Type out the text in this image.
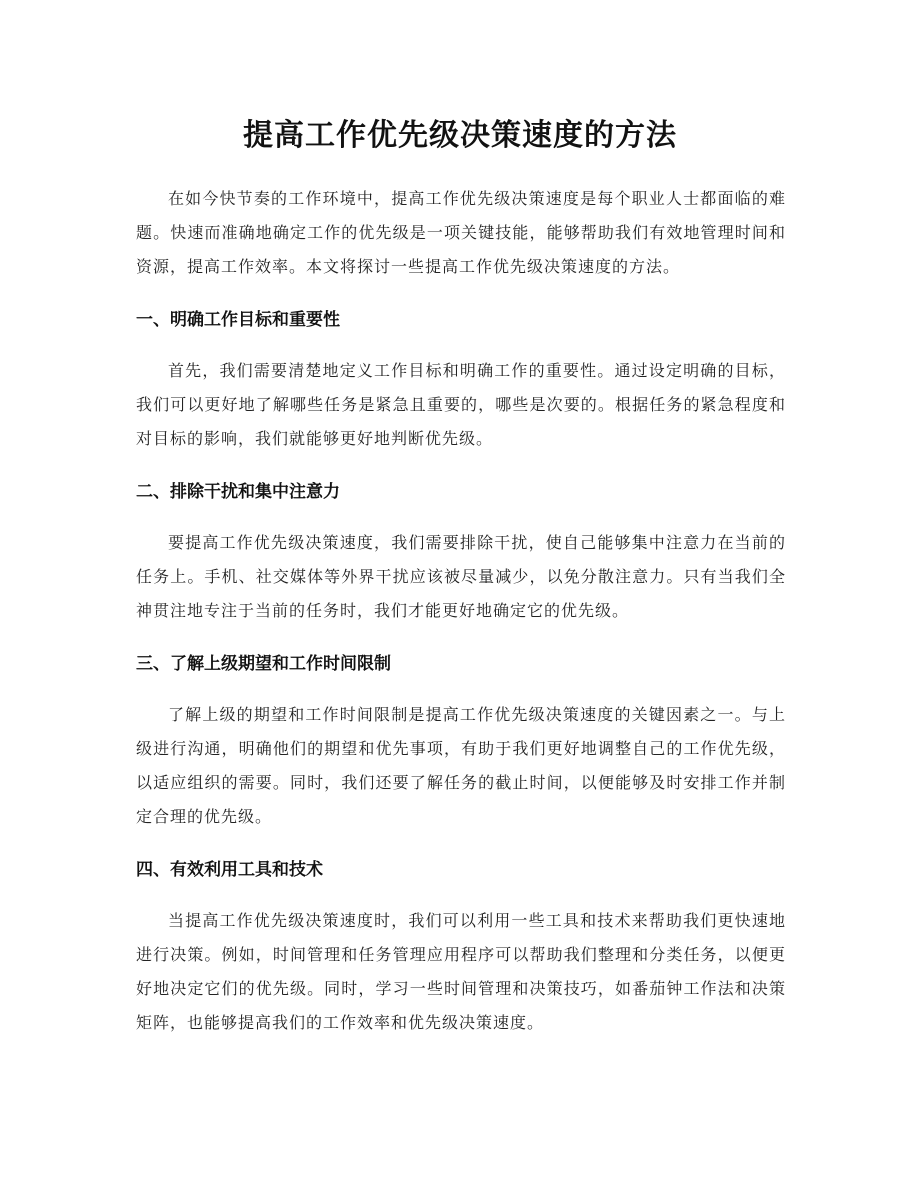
提高工作优先级决策速度的方法

在如今快节奏的工作环境中，提高工作优先级决策速度是每个职业人士都面临的难题。快速而准确地确定工作的优先级是一项关键技能，能够帮助我们有效地管理时间和资源，提高工作效率。本文将探讨一些提高工作优先级决策速度的方法。

一、明确工作目标和重要性

首先，我们需要清楚地定义工作目标和明确工作的重要性。通过设定明确的目标，我们可以更好地了解哪些任务是紧急且重要的，哪些是次要的。根据任务的紧急程度和对目标的影响，我们就能够更好地判断优先级。

二、排除干扰和集中注意力

要提高工作优先级决策速度，我们需要排除干扰，使自己能够集中注意力在当前的任务上。手机、社交媒体等外界干扰应该被尽量减少，以免分散注意力。只有当我们全神贯注地专注于当前的任务时，我们才能更好地确定它的优先级。

三、了解上级期望和工作时间限制

了解上级的期望和工作时间限制是提高工作优先级决策速度的关键因素之一。与上级进行沟通，明确他们的期望和优先事项，有助于我们更好地调整自己的工作优先级，以适应组织的需要。同时，我们还要了解任务的截止时间，以便能够及时安排工作并制定合理的优先级。

四、有效利用工具和技术

当提高工作优先级决策速度时，我们可以利用一些工具和技术来帮助我们更快速地进行决策。例如，时间管理和任务管理应用程序可以帮助我们整理和分类任务，以便更好地决定它们的优先级。同时，学习一些时间管理和决策技巧，如番茄钟工作法和决策矩阵，也能够提高我们的工作效率和优先级决策速度。
